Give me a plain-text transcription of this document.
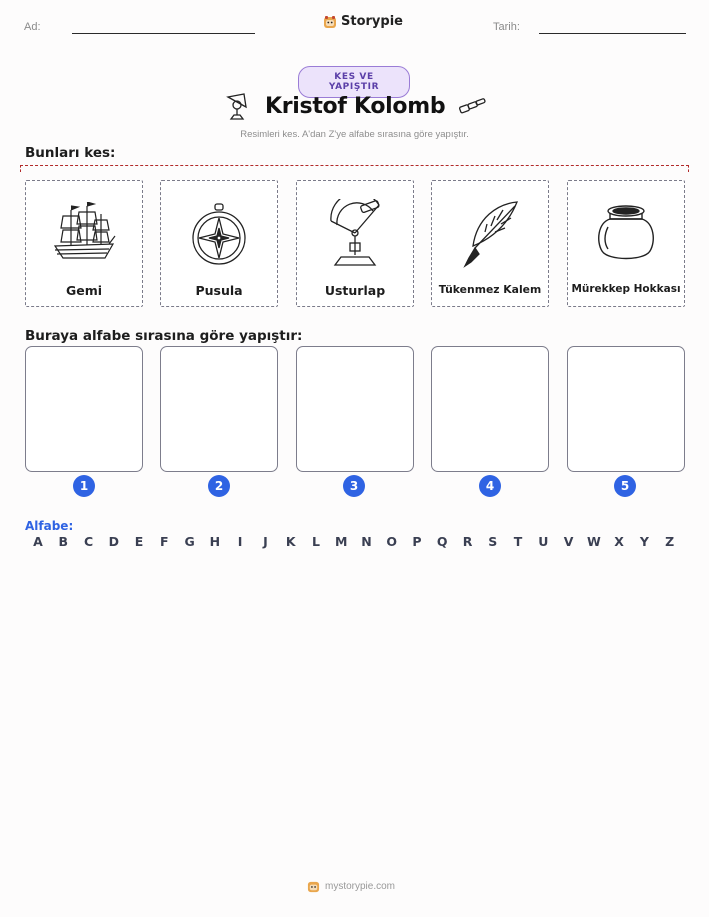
Ad:	Storypie	Tarih:
KES VE YAPIŞTIR
Kristof Kolomb
Resimleri kes. A'dan Z'ye alfabe sırasına göre yapıştır.
Bunları kes:
Gemi	Pusula	Usturlap	Tükenmez Kalem	Mürekkep Hokkası
Buraya alfabe sırasına göre yapıştır:
1	2	3	4	5
Alfabe:
A B C D E F G H	I	J	K	L	M N O P Q R S T U V W X Y Z
mystorypie.com
